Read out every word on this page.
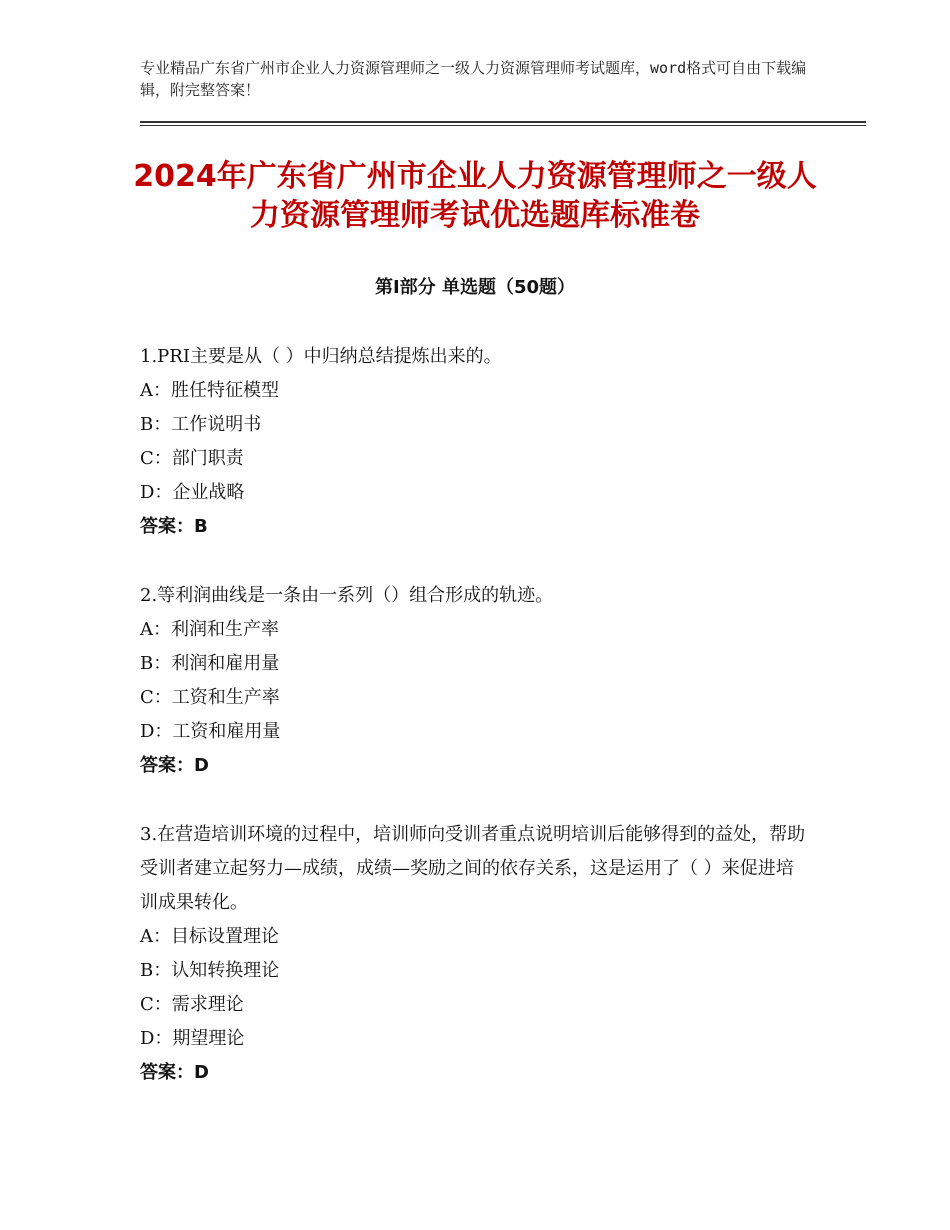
专业精品广东省广州市企业人力资源管理师之一级人力资源管理师考试题库，word格式可自由下载编辑，附完整答案！
2024年广东省广州市企业人力资源管理师之一级人力资源管理师考试优选题库标准卷
第Ⅰ部分 单选题（50题）

1.PRI主要是从（ ）中归纳总结提炼出来的。

A：胜任特征模型

B：工作说明书

C：部门职责

D：企业战略

答案：B

2.等利润曲线是一条由一系列（）组合形成的轨迹。

A：利润和生产率

B：利润和雇用量

C：工资和生产率

D：工资和雇用量

答案：D

3.在营造培训环境的过程中，培训师向受训者重点说明培训后能够得到的益处，帮助受训者建立起努力—成绩，成绩—奖励之间的依存关系，这是运用了（ ）来促进培训成果转化。

A：目标设置理论

B：认知转换理论

C：需求理论

D：期望理论

答案：D
